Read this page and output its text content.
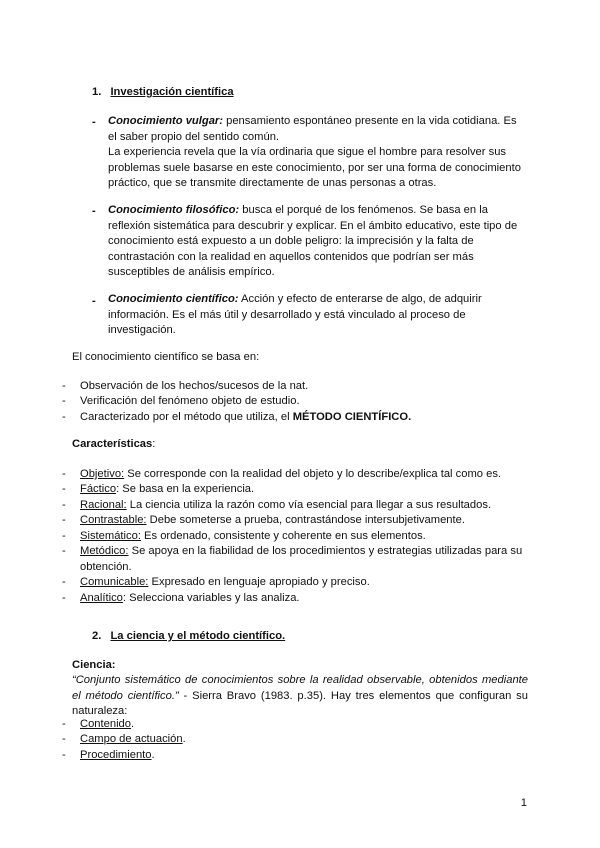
1. Investigación científica
- Conocimiento vulgar: pensamiento espontáneo presente en la vida cotidiana. Es el saber propio del sentido común.
La experiencia revela que la vía ordinaria que sigue el hombre para resolver sus problemas suele basarse en este conocimiento, por ser una forma de conocimiento práctico, que se transmite directamente de unas personas a otras.
- Conocimiento filosófico: busca el porqué de los fenómenos. Se basa en la reflexión sistemática para descubrir y explicar. En el ámbito educativo, este tipo de conocimiento está expuesto a un doble peligro: la imprecisión y la falta de contrastación con la realidad en aquellos contenidos que podrían ser más susceptibles de análisis empírico.
- Conocimiento científico: Acción y efecto de enterarse de algo, de adquirir información. Es el más útil y desarrollado y está vinculado al proceso de investigación.
El conocimiento científico se basa en:
- Observación de los hechos/sucesos de la nat.
- Verificación del fenómeno objeto de estudio.
- Caracterizado por el método que utiliza, el MÉTODO CIENTÍFICO.
Características:
- Objetivo: Se corresponde con la realidad del objeto y lo describe/explica tal como es.
- Fáctico: Se basa en la experiencia.
- Racional: La ciencia utiliza la razón como vía esencial para llegar a sus resultados.
- Contrastable: Debe someterse a prueba, contrastándose intersubjetivamente.
- Sistemático: Es ordenado, consistente y coherente en sus elementos.
- Metódico: Se apoya en la fiabilidad de los procedimientos y estrategias utilizadas para su obtención.
- Comunicable: Expresado en lenguaje apropiado y preciso.
- Analítico: Selecciona variables y las analiza.
2. La ciencia y el método científico.
Ciencia:
“Conjunto sistemático de conocimientos sobre la realidad observable, obtenidos mediante el método científico.” - Sierra Bravo (1983. p.35). Hay tres elementos que configuran su naturaleza:
- Contenido.
- Campo de actuación.
- Procedimiento.
1
